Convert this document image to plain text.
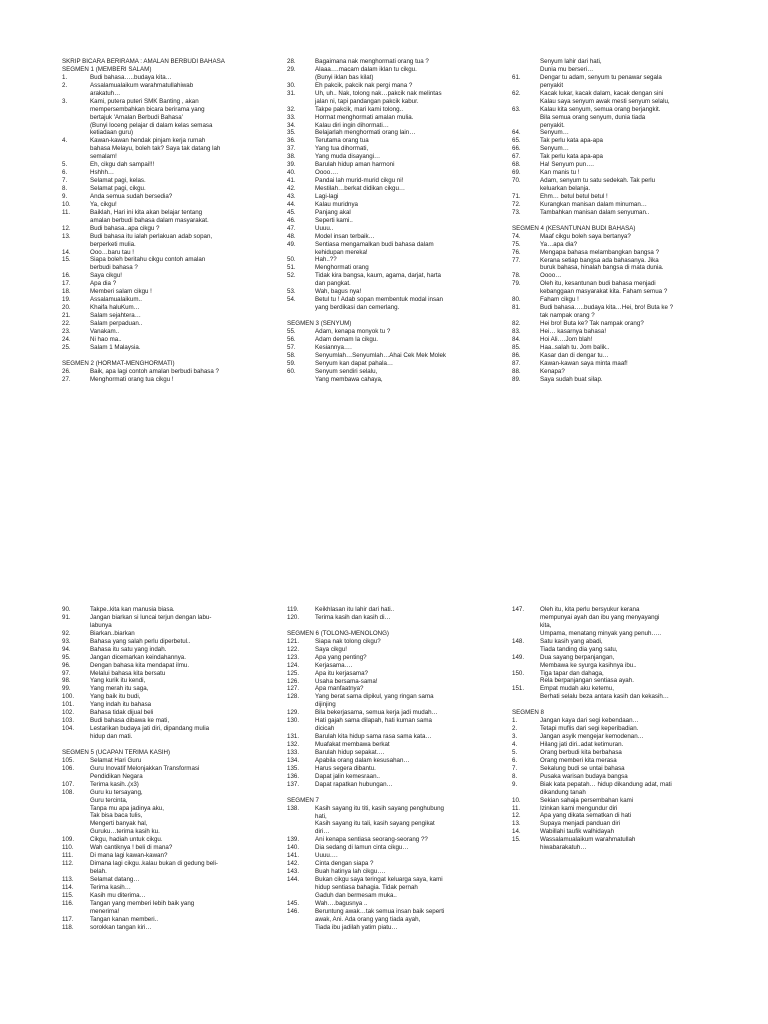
SKRIP BICARA BERIRAMA : AMALAN BERBUDI BAHASA
SEGMEN 1 (MEMBERI SALAM)
1.	Budi bahasa…..budaya kita…
2.	Assalamualaikum warahmatullahiwab
arakatuh…
3.	Kami, putera puteri SMK Banting , akan
mempersembahkan bicara berirama yang
bertajuk 'Amalan Berbudi Bahasa'
(Bunyi loceng pelajar di dalam kelas semasa
ketiadaan guru)
4.	Kawan-kawan hendak pinjam kerja rumah
bahasa Melayu, boleh tak? Saya tak datang lah
semalam!
5.	Eh, cikgu dah sampai!!!
6.	Hshhh…
7.	Selamat pagi, kelas.
8.	Selamat pagi, cikgu.
9.	Anda semua sudah bersedia?
10.	Ya, cikgu!
11.	Baiklah, Hari ini kita akan belajar tentang
amalan berbudi bahasa dalam masyarakat.
12.	Budi bahasa..apa cikgu ?
13.	Budi bahasa itu ialah perlakuan adab sopan,
berperketi mulia.
14.	Ooo…baru tau !
15.	Siapa boleh beritahu cikgu contoh amalan
berbudi bahasa ?
16.	Saya cikgu!
17.	Apa dia ?
18.	Memberi salam cikgu !
19.	Assalamualaikum..
20.	Khaifa haluKum…
21.	Salam sejahtera…
22.	Salam perpaduan..
23.	Vanakam..
24.	Ni hao ma..
25.	Salam 1 Malaysia.
SEGMEN 2 (HORMAT-MENGHORMATI)
26.	Baik, apa lagi contoh amalan berbudi bahasa ?
27.	Menghormati orang tua cikgu !
28.	Bagaimana nak menghormati orang tua ?
29.	Alaaa….macam dalam iklan tu cikgu.
(Bunyi iklan bas kilat)
30.	Eh pakcik, pakcik nak pergi mana ?
31.	Uh, uh.. Nak, tolong nak…pakcik nak melintas
jalan ni, tapi pandangan pakcik kabur.
32.	Takpe pakcik, mari kami tolong..
33.	Hormat menghormati amalan mulia.
34.	Kalau diri ingin dihormati…
35.	Belajarlah menghormati orang lain…
36.	Terutama orang tua
37.	Yang tua dihormati,
38.	Yang muda disayangi…
39.	Barulah hidup aman harmoni
40.	Oooo….
41.	Pandai lah murid-murid cikgu ni!
42.	Mestilah…berkat didikan cikgu…
43.	Lagi-lagi
44.	Kalau muridnya
45.	Panjang akal
46.	Seperti kami..
47.	Uuuu..
48.	Model insan terbaik…
49.	Sentiasa mengamalkan budi bahasa dalam
kehidupan mereka!
50.	Hah..??
51.	Menghormati orang
52.	Tidak kira bangsa, kaum, agama, darjat, harta
dan pangkat.
53.	Wah, bagus nya!
54.	Betul tu ! Adab sopan membentuk modal insan
yang berdikasi dan cemerlang.
SEGMEN 3 (SENYUM)
55.	Adam, kenapa monyok tu ?
56.	Adam demam la cikgu.
57.	Kesiannya….
58.	Senyumlah…Senyumlah…Ahai Cek Mek Molek
59.	Senyum kan dapat pahala…
60.	Senyum sendiri selalu,
Yang membawa cahaya,
Senyum lahir dari hati,
Dunia mu berseri…
61.	Dengar tu adam, senyum tu penawar segala
penyakit
62.	Kacak lukar, kacak dalam, kacak dengan sini
Kalau saya senyum awak mesti senyum selalu,
63.	Kalau kita senyum, semua orang berjangkit.
Bila semua orang senyum, dunia tiada
penyakit.
64.	Senyum…
65.	Tak perlu kata apa-apa
66.	Senyum…
67.	Tak perlu kata apa-apa
68.	Ha! Senyum pun….
69.	Kan manis tu !
70.	Adam, senyum tu satu sedekah. Tak perlu
keluarkan belanja.
71.	Ehm… betul betul betul !
72.	Kurangkan manisan dalam minuman…
73.	Tambahkan manisan dalam senyuman..
SEGMEN 4 (KESANTUNAN BUDI BAHASA)
74.	Maaf cikgu boleh saya bertanya?
75.	Ya…apa dia?
76.	Mengapa bahasa melambangkan bangsa ?
77.	Kerana setiap bangsa ada bahasanya. Jika
buruk bahasa, hinalah bangsa di mata dunia.
78.	Oooo…
79.	Oleh itu, kesantunan budi bahasa menjadi
kebanggaan masyarakat kita. Faham semua ?
80.	Faham cikgu !
81.	Budi bahasa…..budaya kita…Hei, bro! Buta ke ?
tak nampak orang ?
82.	Hei bro! Buta ke? Tak nampak orang?
83.	Hei… kasarnya bahasa!
84.	Hoi Ali….Jom blah!
85.	Haa..salah tu. Jom balik..
86.	Kasar dan di dengar tu…
87.	Kawan-kawan saya minta maaf!
88.	Kenapa?
89.	Saya sudah buat silap.
90.	Takpe..kita kan manusia biasa.
91.	Jangan biarkan si luncai terjun dengan labu-
labunya
92.	Biarkan..biarkan
93.	Bahasa yang salah perlu diperbetul..
94.	Bahasa itu satu yang indah.
95.	Jangan dicemarkan keindahannya.
96.	Dengan bahasa kita mendapat ilmu.
97.	Melalui bahasa kita bersatu
98.	Yang kurik itu kendi,
99.	Yang merah itu saga,
100.	Yang baik itu budi,
101.	Yang indah itu bahasa
102.	Bahasa tidak dijual beli
103.	Budi bahasa dibawa ke mati,
104.	Lestarikan budaya jati diri, dipandang mulia
hidup dan mati.
SEGMEN 5 (UCAPAN TERIMA KASIH)
105.	Selamat Hari Guru
106.	Guru Inovatif Melonjakkan Transformasi
Pendidikan Negara
107.	Terima kasih..(x3)
108.	Guru ku tersayang,
Guru tercinta,
Tanpa mu apa jadinya aku,
Tak bisa baca tulis,
Mengerti banyak hal,
Guruku…terima kasih ku.
109.	Cikgu, hadiah untuk cikgu.
110.	Wah cantiknya ! beli di mana?
111.	Di mana lagi kawan-kawan?
112.	Dimana lagi cikgu..kalau bukan di gedung beli-
belah.
113.	Selamat datang…
114.	Terima kasih…
115.	Kasih mu diterima…
116.	Tangan yang memberi lebih baik yang
menerima!
117.	Tangan kanan memberi..
118.	sorokkan tangan kiri…
119.	Keikhlasan itu lahir dari hati..
120.	Terima kasih dan kasih di…
SEGMEN 6 (TOLONG-MENOLONG)
121.	Siapa nak tolong cikgu?
122.	Saya cikgu!
123.	Apa yang penting?
124.	Kerjasama….
125.	Apa itu kerjasama?
126.	Usaha bersama-sama!
127.	Apa manfaatnya?
128.	Yang berat sama dipikul, yang ringan sama
dijinjing
129.	Bila bekerjasama, semua kerja jadi mudah…
130.	Hati gajah sama dilapah, hati kuman sama
dicicah
131.	Barulah kita hidup sama rasa sama kata…
132.	Muafakat membawa berkat
133.	Barulah hidup sepakat….
134.	Apabila orang dalam kesusahan…
135.	Harus segera dibantu.
136.	Dapat jalin kemesraan..
137.	Dapat rapatkan hubungan…
SEGMEN 7
138.	Kasih sayang itu titi, kasih sayang penghubung
hati,
Kasih sayang itu tali, kasih sayang pengikat
diri…
139.	Ani kenapa sentiasa seorang-seorang ??
140.	Dia sedang di lamun cinta cikgu…
141.	Uuuu….
142.	Cinta dengan siapa ?
143.	Buah hatinya lah cikgu….
144.	Bukan cikgu saya teringat keluarga saya, kami
hidup sentiasa bahagia. Tidak pernah
Gaduh dan bermesam muka..
145.	Wah….bagusnya ..
146.	Beruntung awak…tak semua insan baik seperti
awak, Ani. Ada orang yang tiada ayah,
Tiada ibu jadilah yatim piatu…
147.	Oleh itu, kita perlu bersyukur kerana
mempunyai ayah dan ibu yang menyayangi
kita,
Umpama, menatang minyak yang penuh…..
148.	Satu kasih yang abadi,
Tiada tanding dia yang satu,
149.	Dua sayang berpanjangan,
Membawa ke syurga kasihnya ibu..
150.	Tiga tapar dan dahaga,
Rela berpanjangan sentiasa ayah.
151.	Empat mudah aku ketemu,
Berhati selalu beza antara kasih dan kekasih…
SEGMEN 8
1.	Jangan kaya dari segi kebendaan…
2.	Tetapi muflis dari segi keperibadian.
3.	Jangan asyik mengejar kemodenan…
4.	Hilang jati diri..adat ketimuran.
5.	Orang berbudi kita berbahasa
6.	Orang memberi kita merasa
7.	Sekalung budi se untai bahasa
8.	Pusaka warisan budaya bangsa
9.	Biak kata pepatah… hidup dikandung adat, mati
dikandung tanah
10.	Sekian sahaja persembahan kami
11.	Izinkan kami mengundur diri
12.	Apa yang dikata sematkan di hati
13.	Supaya menjadi panduan diri
14.	Wabillahi taufik walhidayah
15.	Wassalamualaikum warahmatullah
hiwabarakatuh…
